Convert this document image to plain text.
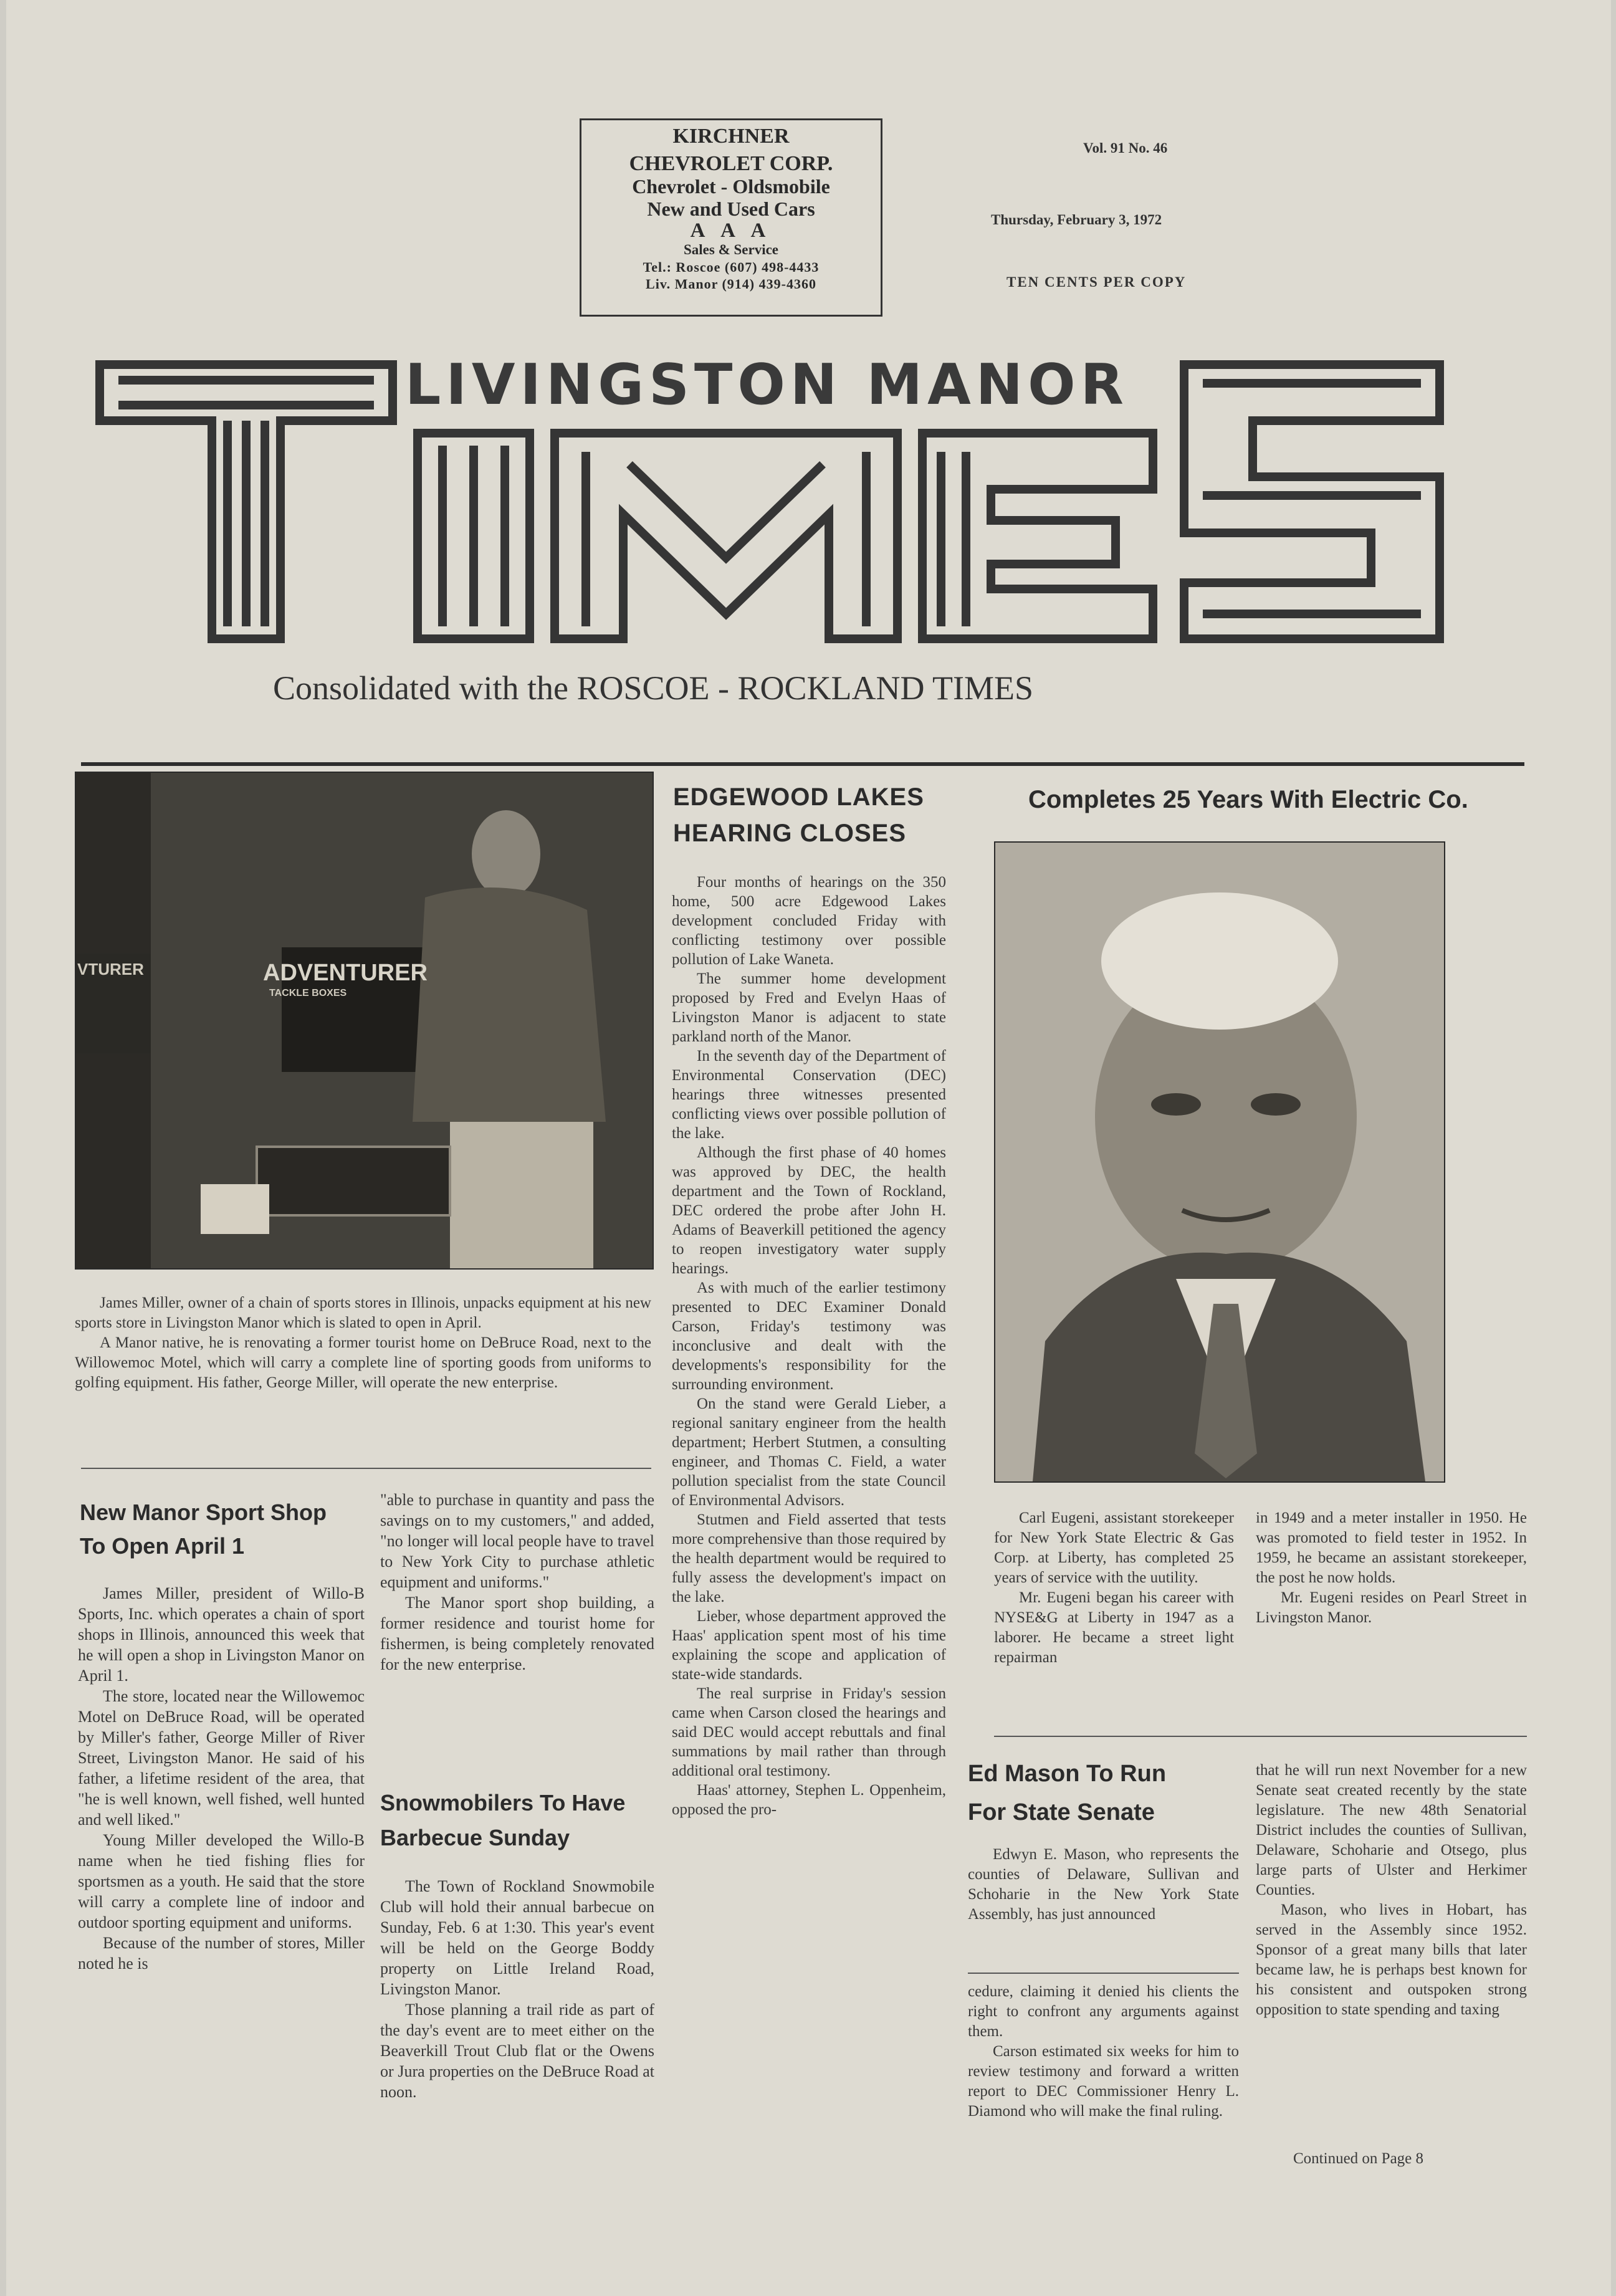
KIRCHNER
CHEVROLET CORP.
Chevrolet - Oldsmobile
New and Used Cars
A A A
Sales & Service
Tel.: Roscoe (607) 498-4433
Liv. Manor (914) 439-4360
Vol. 91 No. 46
Thursday, February 3, 1972
TEN CENTS PER COPY
LIVINGSTON MANOR
Consolidated with the ROSCOE - ROCKLAND TIMES
ADVENTURER
TACKLE BOXES
VTURER

James Miller, owner of a chain of sports stores in Illinois, unpacks equipment at his new sports store in Livingston Manor which is slated to open in April.

A Manor native, he is renovating a former tourist home on DeBruce Road, next to the Willowemoc Motel, which will carry a complete line of sporting goods from uniforms to golfing equipment. His father, George Miller, will operate the new enterprise.

New Manor Sport Shop
To Open April 1

James Miller, president of Willo-B Sports, Inc. which operates a chain of sport shops in Illinois, announced this week that he will open a shop in Livingston Manor on April 1.

The store, located near the Willowemoc Motel on DeBruce Road, will be operated by Miller's father, George Miller of River Street, Livingston Manor. He said of his father, a lifetime resident of the area, that "he is well known, well fished, well hunted and well liked."

Young Miller developed the Willo-B name when he tied fishing flies for sportsmen as a youth. He said that the store will carry a complete line of indoor and outdoor sporting equipment and uniforms.

Because of the number of stores, Miller noted he is

"able to purchase in quantity and pass the savings on to my customers," and added, "no longer will local people have to travel to New York City to purchase athletic equipment and uniforms."

The Manor sport shop building, a former residence and tourist home for fishermen, is being completely renovated for the new enterprise.

Snowmobilers To Have
Barbecue Sunday

The Town of Rockland Snowmobile Club will hold their annual barbecue on Sunday, Feb. 6 at 1:30. This year's event will be held on the George Boddy property on Little Ireland Road, Livingston Manor.

Those planning a trail ride as part of the day's event are to meet either on the Beaverkill Trout Club flat or the Owens or Jura properties on the DeBruce Road at noon.

EDGEWOOD LAKES
HEARING CLOSES

Four months of hearings on the 350 home, 500 acre Edgewood Lakes development concluded Friday with conflicting testimony over possible pollution of Lake Waneta.

The summer home development proposed by Fred and Evelyn Haas of Livingston Manor is adjacent to state parkland north of the Manor.

In the seventh day of the Department of Environmental Conservation (DEC) hearings three witnesses presented conflicting views over possible pollution of the lake.

Although the first phase of 40 homes was approved by DEC, the health department and the Town of Rockland, DEC ordered the probe after John H. Adams of Beaverkill petitioned the agency to reopen investigatory water supply hearings.

As with much of the earlier testimony presented to DEC Examiner Donald Carson, Friday's testimony was inconclusive and dealt with the developments's responsibility for the surrounding environment.

On the stand were Gerald Lieber, a regional sanitary engineer from the health department; Herbert Stutmen, a consulting engineer, and Thomas C. Field, a water pollution specialist from the state Council of Environmental Advisors.

Stutmen and Field asserted that tests more comprehensive than those required by the health department would be required to fully assess the development's impact on the lake.

Lieber, whose department approved the Haas' application spent most of his time explaining the scope and application of state-wide standards.

The real surprise in Friday's session came when Carson closed the hearings and said DEC would accept rebuttals and final summations by mail rather than through additional oral testimony.

Haas' attorney, Stephen L. Oppenheim, opposed the pro-

Completes 25 Years With Electric Co.

Carl Eugeni, assistant storekeeper for New York State Electric & Gas Corp. at Liberty, has completed 25 years of service with the uutility.

Mr. Eugeni began his career with NYSE&G at Liberty in 1947 as a laborer. He became a street light repairman

in 1949 and a meter installer in 1950. He was promoted to field tester in 1952. In 1959, he became an assistant storekeeper, the post he now holds.

Mr. Eugeni resides on Pearl Street in Livingston Manor.

Ed Mason To Run
For State Senate

Edwyn E. Mason, who represents the counties of Delaware, Sullivan and Schoharie in the New York State Assembly, has just announced

that he will run next November for a new Senate seat created recently by the state legislature. The new 48th Senatorial District includes the counties of Sullivan, Delaware, Schoharie and Otsego, plus large parts of Ulster and Herkimer Counties.

Mason, who lives in Hobart, has served in the Assembly since 1952. Sponsor of a great many bills that later became law, he is perhaps best known for his consistent and outspoken strong opposition to state spending and taxing

cedure, claiming it denied his clients the right to confront any arguments against them.

Carson estimated six weeks for him to review testimony and forward a written report to DEC Commissioner Henry L. Diamond who will make the final ruling.

Continued on Page 8
